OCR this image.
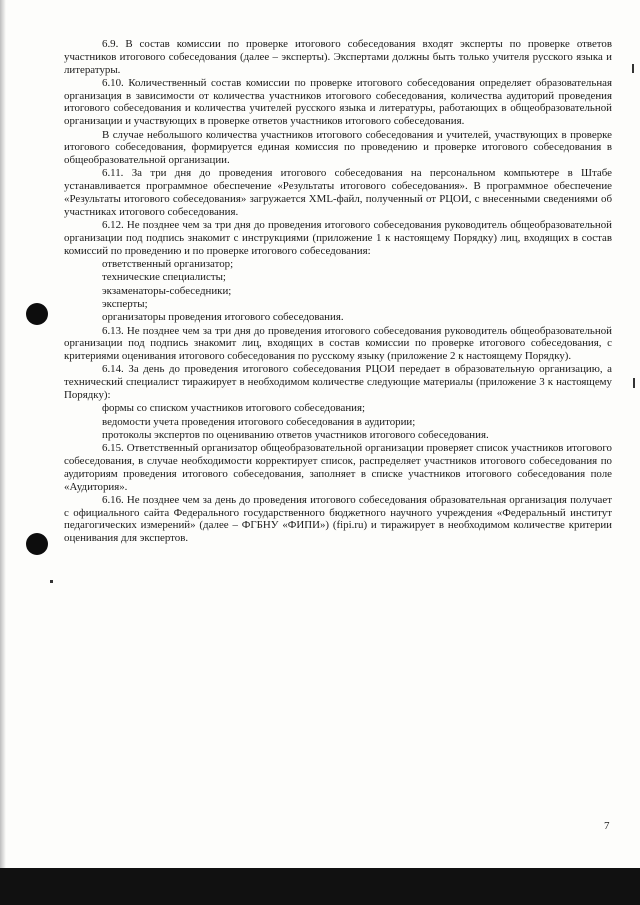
6.9. В состав комиссии по проверке итогового собеседования входят эксперты по проверке ответов участников итогового собеседования (далее – эксперты). Экспертами должны быть только учителя русского языка и литературы.

6.10. Количественный состав комиссии по проверке итогового собеседования определяет образовательная организация в зависимости от количества участников итогового собеседования, количества аудиторий проведения итогового собеседования и количества учителей русского языка и литературы, работающих в общеобразовательной организации и участвующих в проверке ответов участников итогового собеседования.

В случае небольшого количества участников итогового собеседования и учителей, участвующих в проверке итогового собеседования, формируется единая комиссия по проведению и проверке итогового собеседования в общеобразовательной организации.

6.11. За три дня до проведения итогового собеседования на персональном компьютере в Штабе устанавливается программное обеспечение «Результаты итогового собеседования». В программное обеспечение «Результаты итогового собеседования» загружается XML-файл, полученный от РЦОИ, с внесенными сведениями об участниках итогового собеседования.

6.12. Не позднее чем за три дня до проведения итогового собеседования руководитель общеобразовательной организации под подпись знакомит с инструкциями (приложение 1 к настоящему Порядку) лиц, входящих в состав комиссий по проведению и по проверке итогового собеседования:

ответственный организатор;

технические специалисты;

экзаменаторы-собеседники;

эксперты;

организаторы проведения итогового собеседования.

6.13. Не позднее чем за три дня до проведения итогового собеседования руководитель общеобразовательной организации под подпись знакомит лиц, входящих в состав комиссии по проверке итогового собеседования, с критериями оценивания итогового собеседования по русскому языку (приложение 2 к настоящему Порядку).

6.14. За день до проведения итогового собеседования РЦОИ передает в образовательную организацию, а технический специалист тиражирует в необходимом количестве следующие материалы (приложение 3 к настоящему Порядку):

формы со списком участников итогового собеседования;

ведомости учета проведения итогового собеседования в аудитории;

протоколы экспертов по оцениванию ответов участников итогового собеседования.

6.15. Ответственный организатор общеобразовательной организации проверяет список участников итогового собеседования, в случае необходимости корректирует список, распределяет участников итогового собеседования по аудиториям проведения итогового собеседования, заполняет в списке участников итогового собеседования поле «Аудитория».

6.16. Не позднее чем за день до проведения итогового собеседования образовательная организация получает с официального сайта Федерального государственного бюджетного научного учреждения «Федеральный институт педагогических измерений» (далее – ФГБНУ «ФИПИ») (fipi.ru) и тиражирует в необходимом количестве критерии оценивания для экспертов.

7
